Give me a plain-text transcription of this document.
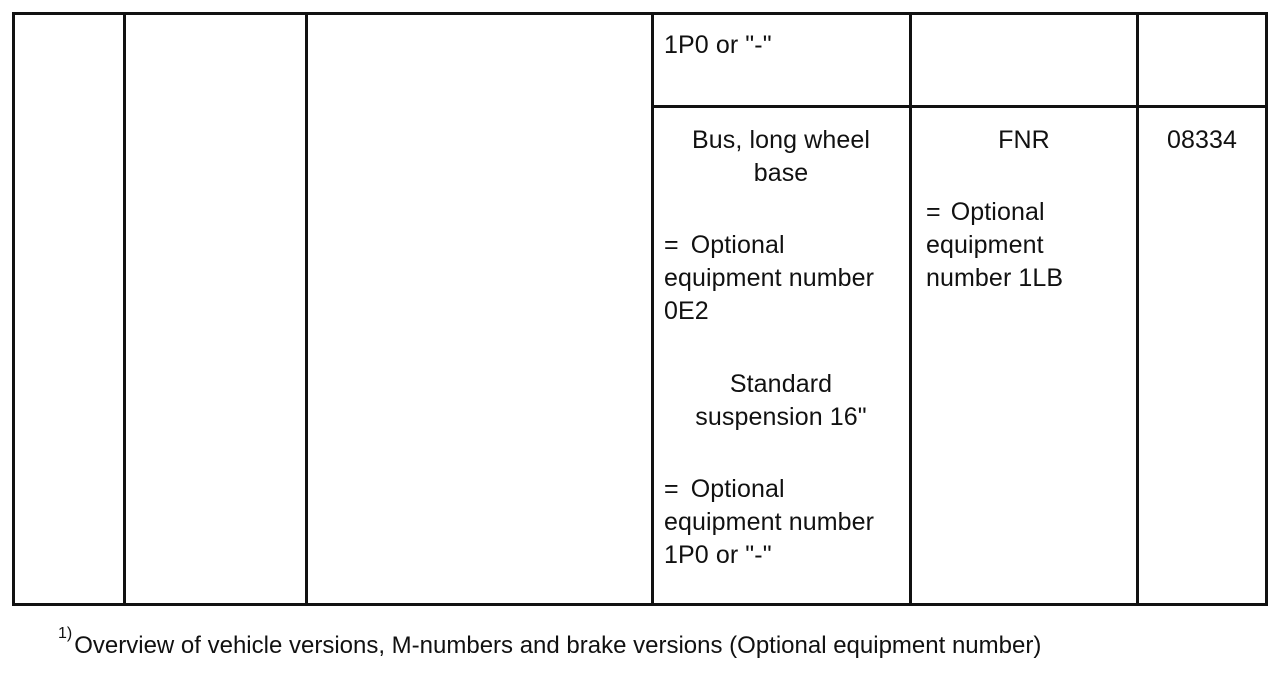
1P0 or "-"
Bus, long wheel
base
= Optional
equipment number
0E2
Standard
suspension 16"
= Optional
equipment number
1P0 or "-"
FNR
= Optional
equipment
number 1LB
08334
$^{1)}$Overview of vehicle versions, M-numbers and brake versions (Optional equipment number)
